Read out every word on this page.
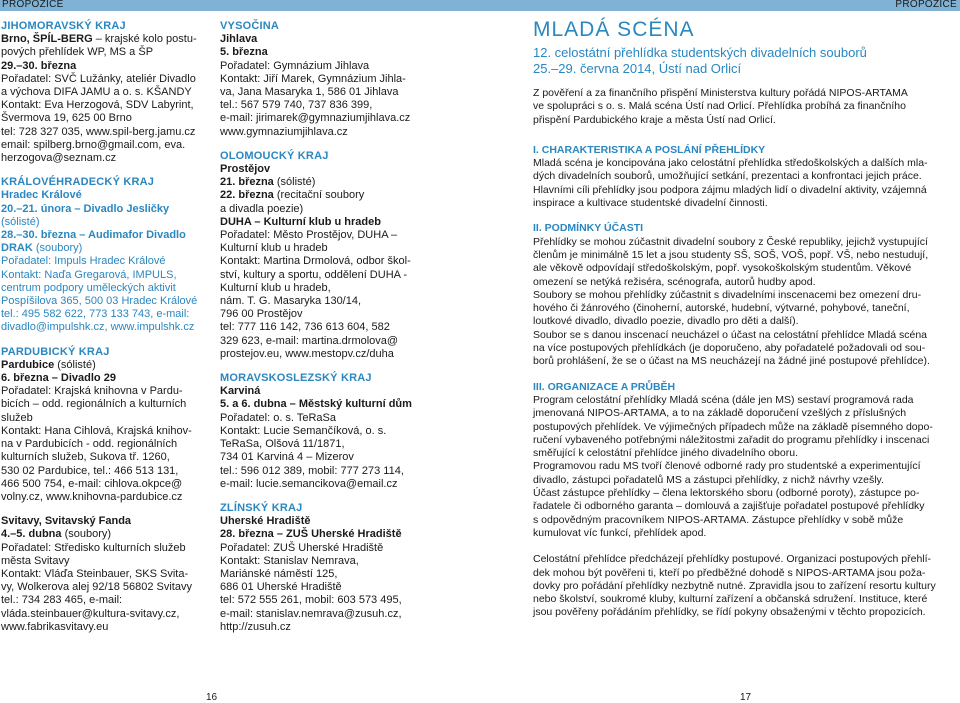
PROPOZICE
JIHOMORAVSKÝ KRAJ
Brno, ŠPÍL-BERG – krajské kolo postu-
pových přehlídek WP, MS a ŠP
29.–30. března
Pořadatel: SVČ Lužánky, ateliér Divadlo
a výchova DIFA JAMU a o. s. KŠANDY
Kontakt: Eva Herzogová, SDV Labyrint,
Švermova 19, 625 00 Brno
tel: 728 327 035, www.spil-berg.jamu.cz
email: spilberg.brno@gmail.com, eva.
herzogova@seznam.cz
KRÁLOVÉHRADECKÝ KRAJ
Hradec Králové
20.–21. února – Divadlo Jesličky
(sólisté)
28.–30. března – Audimafor Divadlo
DRAK (soubory)
Pořadatel: Impuls Hradec Králové
Kontakt: Naďa Gregarová, IMPULS,
centrum podpory uměleckých aktivit
Pospíšilova 365, 500 03 Hradec Králové
tel.: 495 582 622, 773 133 743, e-mail:
divadlo@impulshk.cz, www.impulshk.cz
PARDUBICKÝ KRAJ
Pardubice (sólisté)
6. března – Divadlo 29
Pořadatel: Krajská knihovna v Pardu-
bicích – odd. regionálních a kulturních
služeb
Kontakt: Hana Cihlová, Krajská knihov-
na v Pardubicích - odd. regionálních
kulturních služeb, Sukova tř. 1260,
530 02 Pardubice, tel.: 466 513 131,
466 500 754, e-mail: cihlova.okpce@
volny.cz, www.knihovna-pardubice.cz
Svitavy, Svitavský Fanda
4.–5. dubna (soubory)
Pořadatel: Středisko kulturních služeb
města Svitavy
Kontakt: Vláďa Steinbauer, SKS Svita-
vy, Wolkerova alej 92/18 56802 Svitavy
tel.: 734 283 465, e-mail:
vláda.steinbauer@kultura-svitavy.cz,
www.fabrikasvitavy.eu
VYSOČINA
Jihlava
5. března
Pořadatel: Gymnázium Jihlava
Kontakt: Jiří Marek, Gymnázium Jihla-
va, Jana Masaryka 1, 586 01 Jihlava
tel.: 567 579 740, 737 836 399,
e-mail: jirimarek@gymnaziumjihlava.cz
www.gymnaziumjihlava.cz
OLOMOUCKÝ KRAJ
Prostějov
21. března (sólisté)
22. března (recitační soubory
a divadla poezie)
DUHA – Kulturní klub u hradeb
Pořadatel: Město Prostějov, DUHA –
Kulturní klub u hradeb
Kontakt: Martina Drmolová, odbor škol-
ství, kultury a sportu, oddělení DUHA -
Kulturní klub u hradeb,
nám. T. G. Masaryka 130/14,
796 00 Prostějov
tel: 777 116 142, 736 613 604, 582
329 623, e-mail: martina.drmolova@
prostejov.eu, www.mestopv.cz/duha
MORAVSKOSLEZSKÝ KRAJ
Karviná
5. a 6. dubna – Městský kulturní dům
Pořadatel: o. s. TeRaSa
Kontakt: Lucie Semančíková, o. s.
TeRaSa, Olšová 11/1871,
734 01 Karviná 4 – Mizerov
tel.: 596 012 389, mobil: 777 273 114,
e-mail: lucie.semancikova@email.cz
ZLÍNSKÝ KRAJ
Uherské Hradiště
28. března – ZUŠ Uherské Hradiště
Pořadatel: ZUŠ Uherské Hradiště
Kontakt: Stanislav Nemrava,
Mariánské náměstí 125,
686 01 Uherské Hradiště
tel: 572 555 261, mobil: 603 573 495,
e-mail: stanislav.nemrava@zusuh.cz,
http://zusuh.cz
16
PROPOZICE
MLADÁ SCÉNA
12. celostátní přehlídka studentských divadelních souborů
25.–29. června 2014, Ústí nad Orlicí
Z pověření a za finančního přispění Ministerstva kultury pořádá NIPOS-ARTAMA
ve spolupráci s o. s. Malá scéna Ústí nad Orlicí. Přehlídka probíhá za finančního
přispění Pardubického kraje a města Ústí nad Orlicí.
I. CHARAKTERISTIKA A POSLÁNÍ PŘEHLÍDKY
Mladá scéna je koncipována jako celostátní přehlídka středoškolských a dalších mla-
dých divadelních souborů, umožňující setkání, prezentaci a konfrontaci jejich práce.
Hlavními cíli přehlídky jsou podpora zájmu mladých lidí o divadelní aktivity, vzájemná
inspirace a kultivace studentské divadelní činnosti.
II. PODMÍNKY ÚČASTI
Přehlídky se mohou zúčastnit divadelní soubory z České republiky, jejichž vystupující
členům je minimálně 15 let a jsou studenty SŠ, SOŠ, VOŠ, popř. VŠ, nebo nestudují,
ale věkově odpovídají středoškolským, popř. vysokoškolským studentům. Věkové
omezení se netýká režiséra, scénografa, autorů hudby apod.
Soubory se mohou přehlídky zúčastnit s divadelními inscenacemi bez omezení dru-
hového či žánrového (činoherní, autorské, hudební, výtvarné, pohybové, taneční,
loutkové divadlo, divadlo poezie, divadlo pro děti a další).
Soubor se s danou inscenací neucházel o účast na celostátní přehlídce Mladá scéna
na více postupových přehlídkách (je doporučeno, aby pořadatelé požadovali od sou-
borů prohlášení, že se o účast na MS neucházejí na žádné jiné postupové přehlídce).
III. ORGANIZACE A PRŮBĚH
Program celostátní přehlídky Mladá scéna (dále jen MS) sestaví programová rada
jmenovaná NIPOS-ARTAMA, a to na základě doporučení vzešlých z příslušných
postupových přehlídek. Ve výjimečných případech může na základě písemného dopo-
ručení vybaveného potřebnými náležitostmi zařadit do programu přehlídky i inscenaci
směřující k celostátní přehlídce jiného divadelního oboru.
Programovou radu MS tvoří členové odborné rady pro studentské a experimentující
divadlo, zástupci pořadatelů MS a zástupci přehlídky, z nichž návrhy vzešly.
Účast zástupce přehlídky – člena lektorského sboru (odborné poroty), zástupce po-
řadatele či odborného garanta – domlouvá a zajišťuje pořadatel postupové přehlídky
s odpovědným pracovníkem NIPOS-ARTAMA. Zástupce přehlídky v sobě může
kumulovat víc funkcí, přehlídek apod.
Celostátní přehlídce předcházejí přehlídky postupové. Organizaci postupových přehlí-
dek mohou být pověřeni ti, kteří po předběžné dohodě s NIPOS-ARTAMA jsou poža-
dovky pro pořádání přehlídky nezbytně nutné. Zpravidla jsou to zařízení resortu kultury
nebo školství, soukromé kluby, kulturní zařízení a občanská sdružení. Instituce, které
jsou pověřeny pořádáním přehlídky, se řídí pokyny obsaženými v těchto propozicích.
17
